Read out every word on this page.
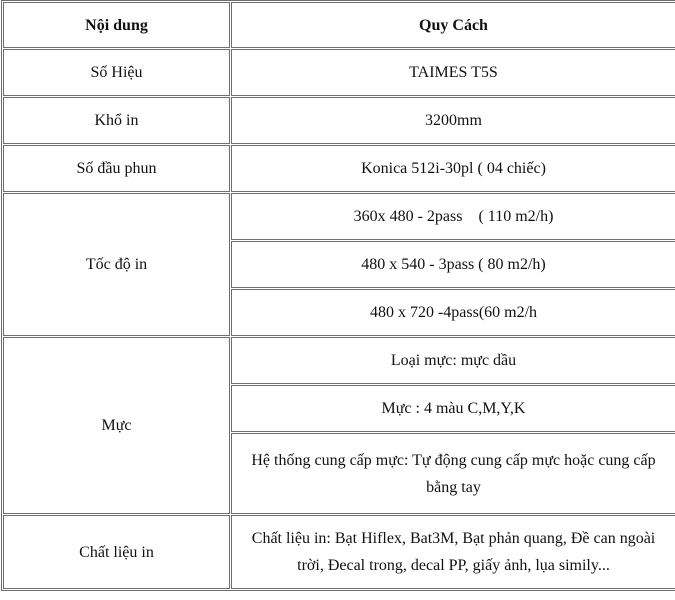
Nội dung	Quy Cách
Số Hiệu	TAIMES T5S
Khổ in	3200mm
Số đầu phun	Konica 512i-30pl ( 04 chiếc)
Tốc độ in	360x 480 - 2pass    ( 110 m2/h)
	480 x 540 - 3pass ( 80 m2/h)
	480 x 720 -4pass(60 m2/h
Mực	Loại mực: mực dầu
	Mực : 4 màu C,M,Y,K
	Hệ thống cung cấp mực: Tự động cung cấp mực hoặc cung cấp bằng tay
Chất liệu in	Chất liệu in: Bạt Hiflex, Bat3M, Bạt phản quang, Đề can ngoài trời, Đecal trong, decal PP, giấy ảnh, lụa simily...
